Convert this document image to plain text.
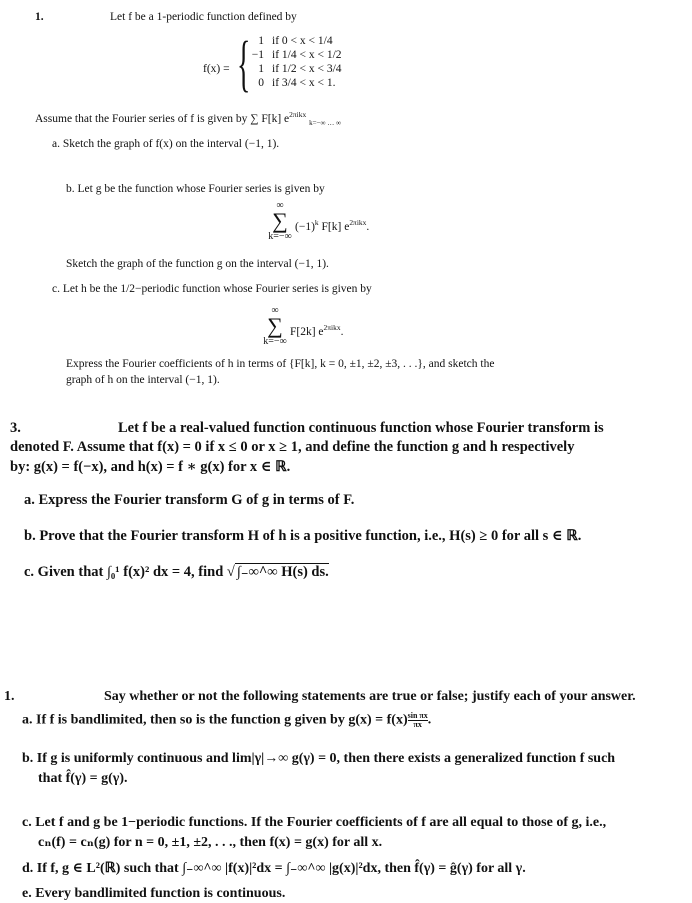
1.	Let f be a 1-periodic function defined by
f(x) = { 1 if 0 < x < 1/4
−1 if 1/4 < x < 1/2
1 if 1/2 < x < 3/4
0 if 3/4 < x < 1.
Assume that the Fourier series of f is given by ∑ F[k] $e^{2\pi ikx}$ $_{k=-\infty \dots \infty}$
a. Sketch the graph of f(x) on the interval (−1, 1).
b. Let g be the function whose Fourier series is given by
∞
∑
k=−∞
$(-1)^k$ F[k] $e^{2\pi ikx}$.
Sketch the graph of the function g on the interval (−1, 1).
c. Let h be the 1/2−periodic function whose Fourier series is given by
∞
∑
k=−∞
F[2k] $e^{2\pi ikx}$.
Express the Fourier coefficients of h in terms of {F[k], k = 0, ±1, ±2, ±3, . . .}, and sketch the
graph of h on the interval (−1, 1).
3.	Let f be a real-valued function continuous function whose Fourier transform is
denoted F. Assume that f(x) = 0 if x ≤ 0 or x ≥ 1, and define the function g and h respectively
by: g(x) = f(−x), and h(x) = f ∗ g(x) for x ∈ ℝ.
a. Express the Fourier transform G of g in terms of F.
b. Prove that the Fourier transform H of h is a positive function, i.e., H(s) ≥ 0 for all s ∈ ℝ.
c. Given that ∫₀¹ f(x)² dx = 4, find √ ∫₋∞^∞ H(s) ds.
1.	Say whether or not the following statements are true or false; justify each of your answer.
a. If f is bandlimited, then so is the function g given by $g(x) = f(x) \frac{\text{sin πx}}{\pi x}$ .
b. If g is uniformly continuous and lim|γ|→∞ g(γ) = 0, then there exists a generalized function f such
that f̂(γ) = g(γ).
c. Let f and g be 1−periodic functions. If the Fourier coefficients of f are all equal to those of g, i.e.,
cₙ(f) = cₙ(g) for n = 0, ±1, ±2, . . ., then f(x) = g(x) for all x.
d. If f, g ∈ L²(ℝ) such that ∫₋∞^∞ |f(x)|²dx = ∫₋∞^∞ |g(x)|²dx, then f̂(γ) = ĝ(γ) for all γ.
e. Every bandlimited function is continuous.
